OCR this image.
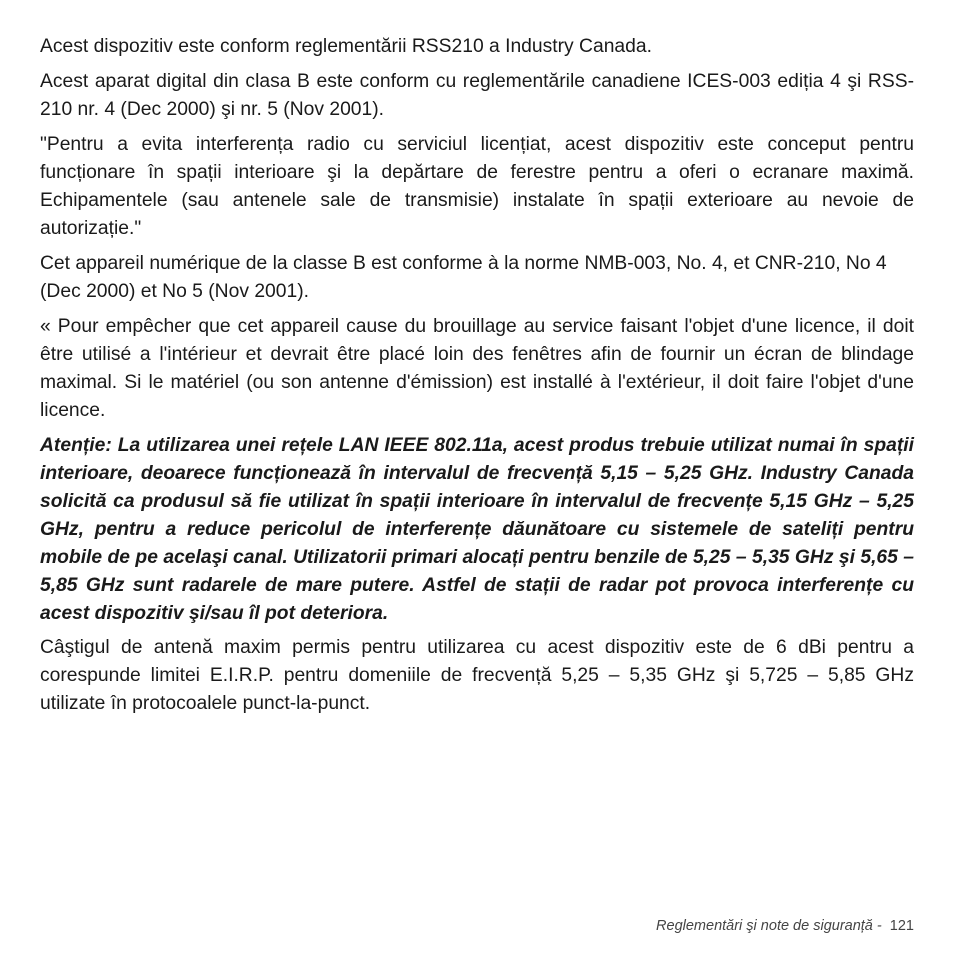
Acest dispozitiv este conform reglementării RSS210 a Industry Canada.

Acest aparat digital din clasa B este conform cu reglementările canadiene ICES-003 ediția 4 şi RSS-210 nr. 4 (Dec 2000) şi nr. 5 (Nov 2001).

"Pentru a evita interferența radio cu serviciul licențiat, acest dispozitiv este conceput pentru funcționare în spații interioare şi la depărtare de ferestre pentru a oferi o ecranare maximă. Echipamentele (sau antenele sale de transmisie) instalate în spații exterioare au nevoie de autorizație."

Cet appareil numérique de la classe B est conforme à la norme NMB-003, No. 4, et CNR-210, No 4 (Dec 2000) et No 5 (Nov 2001).

« Pour empêcher que cet appareil cause du brouillage au service faisant l'objet d'une licence, il doit être utilisé a l'intérieur et devrait être placé loin des fenêtres afin de fournir un écran de blindage maximal. Si le matériel (ou son antenne d'émission) est installé à l'extérieur, il doit faire l'objet d'une licence.

Atenție: La utilizarea unei rețele LAN IEEE 802.11a, acest produs trebuie utilizat numai în spații interioare, deoarece funcționează în intervalul de frecvență 5,15 – 5,25 GHz. Industry Canada solicită ca produsul să fie utilizat în spații interioare în intervalul de frecvențe 5,15 GHz – 5,25 GHz, pentru a reduce pericolul de interferențe dăunătoare cu sistemele de sateliți pentru mobile de pe acelaşi canal. Utilizatorii primari alocați pentru benzile de 5,25 – 5,35 GHz şi 5,65 – 5,85 GHz sunt radarele de mare putere. Astfel de stații de radar pot provoca interferențe cu acest dispozitiv şi/sau îl pot deteriora.

Câştigul de antenă maxim permis pentru utilizarea cu acest dispozitiv este de 6 dBi pentru a corespunde limitei E.I.R.P. pentru domeniile de frecvență 5,25 – 5,35 GHz şi 5,725 – 5,85 GHz utilizate în protocoalele punct-la-punct.

Reglementări şi note de siguranță -  121
